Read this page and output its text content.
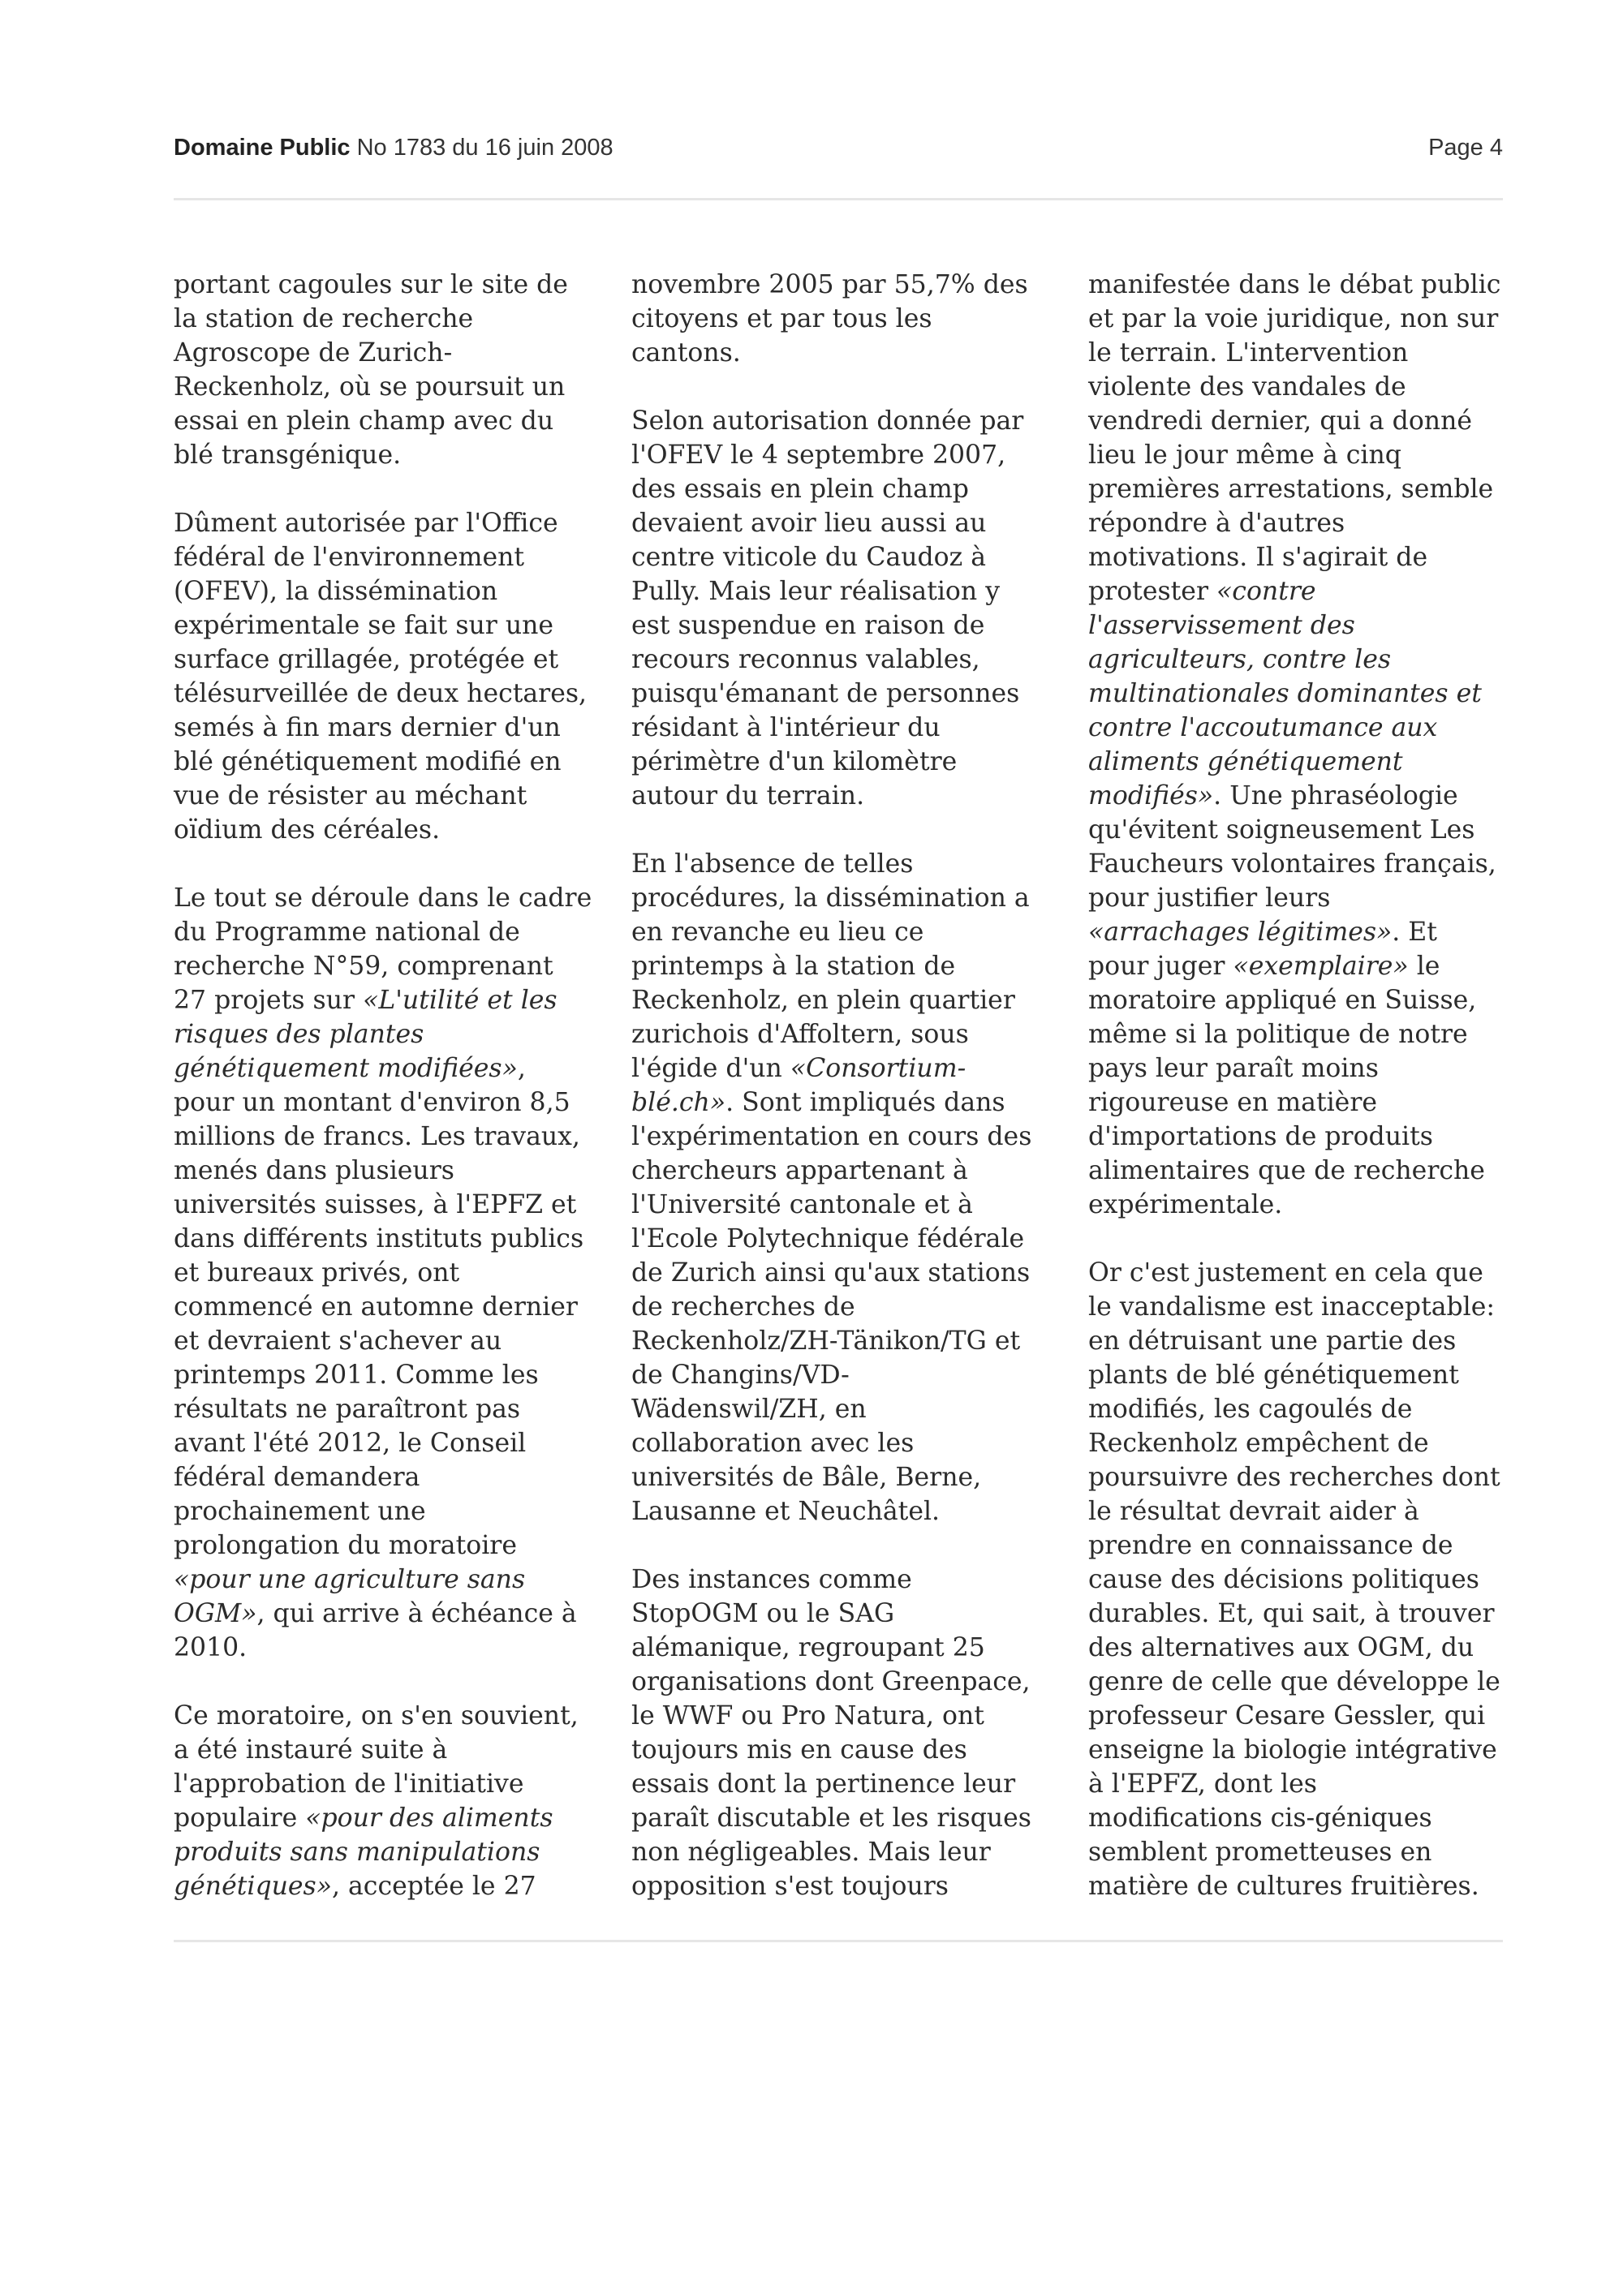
Domaine Public No 1783 du 16 juin 2008	Page 4
portant cagoules sur le site de
la station de recherche
Agroscope de Zurich-
Reckenholz, où se poursuit un
essai en plein champ avec du
blé transgénique.
Dûment autorisée par l'Office
fédéral de l'environnement
(OFEV), la dissémination
expérimentale se fait sur une
surface grillagée, protégée et
télésurveillée de deux hectares,
semés à fin mars dernier d'un
blé génétiquement modifié en
vue de résister au méchant
oïdium des céréales.
Le tout se déroule dans le cadre
du Programme national de
recherche N°59, comprenant
27 projets sur «L'utilité et les
risques des plantes
génétiquement modifiées»,
pour un montant d'environ 8,5
millions de francs. Les travaux,
menés dans plusieurs
universités suisses, à l'EPFZ et
dans différents instituts publics
et bureaux privés, ont
commencé en automne dernier
et devraient s'achever au
printemps 2011. Comme les
résultats ne paraîtront pas
avant l'été 2012, le Conseil
fédéral demandera
prochainement une
prolongation du moratoire
«pour une agriculture sans
OGM», qui arrive à échéance à
2010.
Ce moratoire, on s'en souvient,
a été instauré suite à
l'approbation de l'initiative
populaire «pour des aliments
produits sans manipulations
génétiques», acceptée le 27
novembre 2005 par 55,7% des
citoyens et par tous les
cantons.
Selon autorisation donnée par
l'OFEV le 4 septembre 2007,
des essais en plein champ
devaient avoir lieu aussi au
centre viticole du Caudoz à
Pully. Mais leur réalisation y
est suspendue en raison de
recours reconnus valables,
puisqu'émanant de personnes
résidant à l'intérieur du
périmètre d'un kilomètre
autour du terrain.
En l'absence de telles
procédures, la dissémination a
en revanche eu lieu ce
printemps à la station de
Reckenholz, en plein quartier
zurichois d'Affoltern, sous
l'égide d'un «Consortium-
blé.ch». Sont impliqués dans
l'expérimentation en cours des
chercheurs appartenant à
l'Université cantonale et à
l'Ecole Polytechnique fédérale
de Zurich ainsi qu'aux stations
de recherches de
Reckenholz/ZH-Tänikon/TG et
de Changins/VD-
Wädenswil/ZH, en
collaboration avec les
universités de Bâle, Berne,
Lausanne et Neuchâtel.
Des instances comme
StopOGM ou le SAG
alémanique, regroupant 25
organisations dont Greenpace,
le WWF ou Pro Natura, ont
toujours mis en cause des
essais dont la pertinence leur
paraît discutable et les risques
non négligeables. Mais leur
opposition s'est toujours
manifestée dans le débat public
et par la voie juridique, non sur
le terrain. L'intervention
violente des vandales de
vendredi dernier, qui a donné
lieu le jour même à cinq
premières arrestations, semble
répondre à d'autres
motivations. Il s'agirait de
protester «contre
l'asservissement des
agriculteurs, contre les
multinationales dominantes et
contre l'accoutumance aux
aliments génétiquement
modifiés». Une phraséologie
qu'évitent soigneusement Les
Faucheurs volontaires français,
pour justifier leurs
«arrachages légitimes». Et
pour juger «exemplaire» le
moratoire appliqué en Suisse,
même si la politique de notre
pays leur paraît moins
rigoureuse en matière
d'importations de produits
alimentaires que de recherche
expérimentale.
Or c'est justement en cela que
le vandalisme est inacceptable:
en détruisant une partie des
plants de blé génétiquement
modifiés, les cagoulés de
Reckenholz empêchent de
poursuivre des recherches dont
le résultat devrait aider à
prendre en connaissance de
cause des décisions politiques
durables. Et, qui sait, à trouver
des alternatives aux OGM, du
genre de celle que développe le
professeur Cesare Gessler, qui
enseigne la biologie intégrative
à l'EPFZ, dont les
modifications cis-géniques
semblent prometteuses en
matière de cultures fruitières.
